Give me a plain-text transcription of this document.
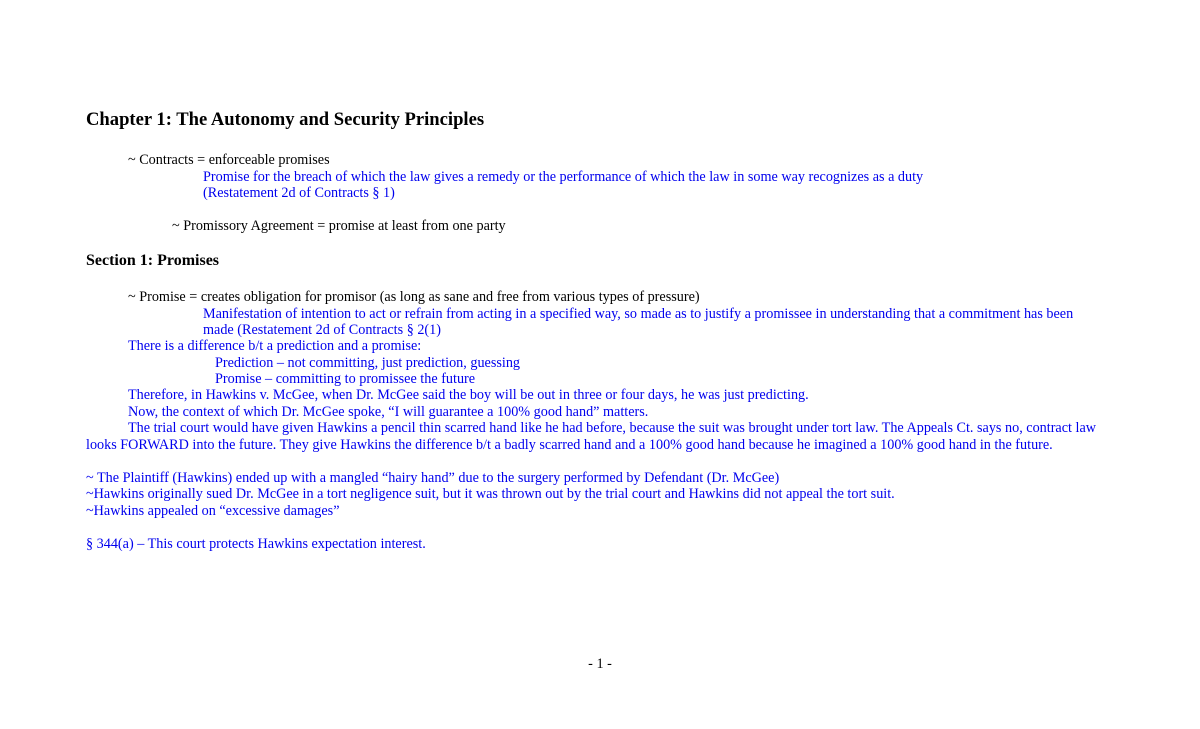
Chapter 1: The Autonomy and Security Principles
~ Contracts = enforceable promises
Promise for the breach of which the law gives a remedy or the performance of which the law in some way recognizes as a duty
(Restatement 2d of Contracts § 1)
~ Promissory Agreement = promise at least from one party
Section 1: Promises
~ Promise = creates obligation for promisor (as long as sane and free from various types of pressure)
Manifestation of intention to act or refrain from acting in a specified way, so made as to justify a promissee in understanding that a commitment has been
made (Restatement 2d of Contracts § 2(1)
There is a difference b/t a prediction and a promise:
Prediction – not committing, just prediction, guessing
Promise – committing to promissee the future
Therefore, in Hawkins v. McGee, when Dr. McGee said the boy will be out in three or four days, he was just predicting.
Now, the context of which Dr. McGee spoke, “I will guarantee a 100% good hand” matters.
The trial court would have given Hawkins a pencil thin scarred hand like he had before, because the suit was brought under tort law. The Appeals Ct. says no, contract law
looks FORWARD into the future. They give Hawkins the difference b/t a badly scarred hand and a 100% good hand because he imagined a 100% good hand in the future.
~ The Plaintiff (Hawkins) ended up with a mangled “hairy hand” due to the surgery performed by Defendant (Dr. McGee)
~Hawkins originally sued Dr. McGee in a tort negligence suit, but it was thrown out by the trial court and Hawkins did not appeal the tort suit.
~Hawkins appealed on “excessive damages”
§ 344(a) – This court protects Hawkins expectation interest.
- 1 -
